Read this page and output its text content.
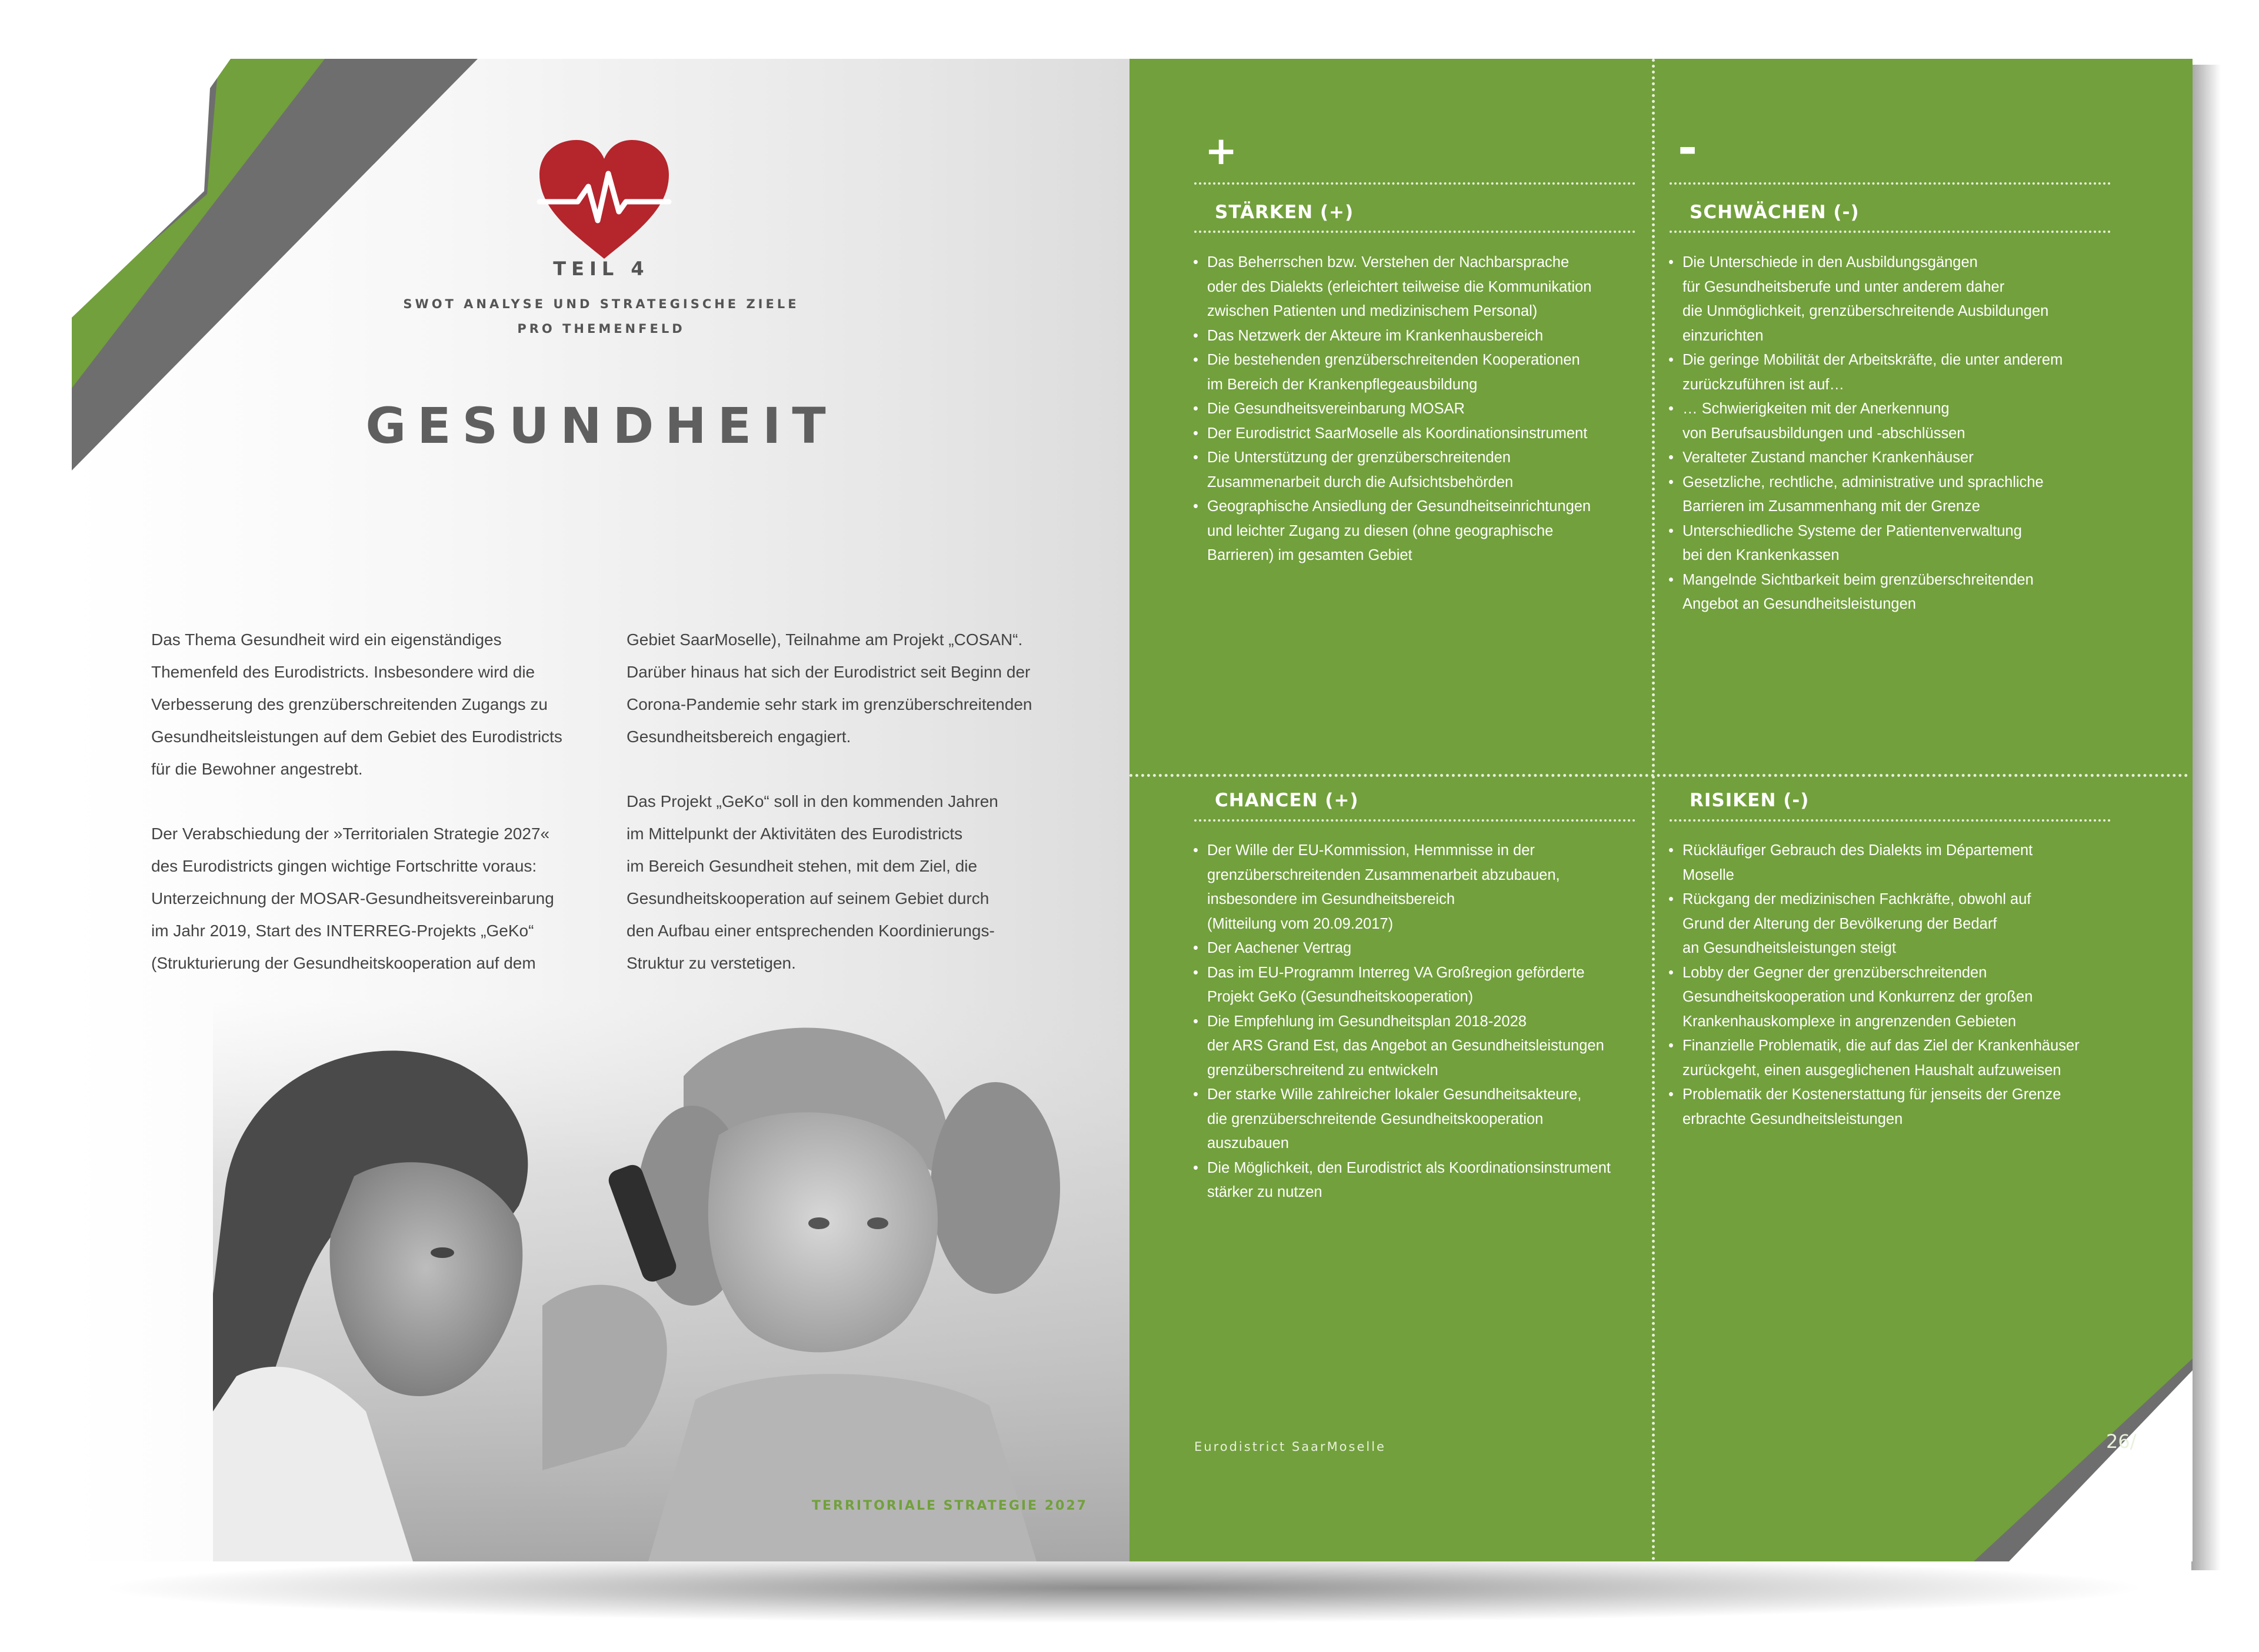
TEIL 4
SWOT ANALYSE UND STRATEGISCHE ZIELE
PRO THEMENFELD
GESUNDHEIT
Das Thema Gesundheit wird ein eigenständiges
Themenfeld des Eurodistricts. Insbesondere wird die
Verbesserung des grenzüberschreitenden Zugangs zu
Gesundheitsleistungen auf dem Gebiet des Eurodistricts
für die Bewohner angestrebt.

Der Verabschiedung der »Territorialen Strategie 2027«
des Eurodistricts gingen wichtige Fortschritte voraus:
Unterzeichnung der MOSAR-Gesundheitsvereinbarung
im Jahr 2019, Start des INTERREG-Projekts „GeKo“
(Strukturierung der Gesundheitskooperation auf dem
Gebiet SaarMoselle), Teilnahme am Projekt „COSAN“.
Darüber hinaus hat sich der Eurodistrict seit Beginn der
Corona-Pandemie sehr stark im grenzüberschreitenden
Gesundheitsbereich engagiert.

Das Projekt „GeKo“ soll in den kommenden Jahren
im Mittelpunkt der Aktivitäten des Eurodistricts
im Bereich Gesundheit stehen, mit dem Ziel, die
Gesundheitskooperation auf seinem Gebiet durch
den Aufbau einer entsprechenden Koordinierungs-
Struktur zu verstetigen.
TERRITORIALE STRATEGIE 2027
+	-
STÄRKEN (+)	SCHWÄCHEN (-)
CHANCEN (+)	RISIKEN (-)
• Das Beherrschen bzw. Verstehen der Nachbarsprache
oder des Dialekts (erleichtert teilweise die Kommunikation
zwischen Patienten und medizinischem Personal)
• Das Netzwerk der Akteure im Krankenhausbereich
• Die bestehenden grenzüberschreitenden Kooperationen
im Bereich der Krankenpflegeausbildung
• Die Gesundheitsvereinbarung MOSAR
• Der Eurodistrict SaarMoselle als Koordinationsinstrument
• Die Unterstützung der grenzüberschreitenden
Zusammenarbeit durch die Aufsichtsbehörden
• Geographische Ansiedlung der Gesundheitseinrichtungen
und leichter Zugang zu diesen (ohne geographische
Barrieren) im gesamten Gebiet
• Die Unterschiede in den Ausbildungsgängen
für Gesundheitsberufe und unter anderem daher
die Unmöglichkeit, grenzüberschreitende Ausbildungen
einzurichten
• Die geringe Mobilität der Arbeitskräfte, die unter anderem
zurückzuführen ist auf…
• … Schwierigkeiten mit der Anerkennung
von Berufsausbildungen und -abschlüssen
• Veralteter Zustand mancher Krankenhäuser
• Gesetzliche, rechtliche, administrative und sprachliche
Barrieren im Zusammenhang mit der Grenze
• Unterschiedliche Systeme der Patientenverwaltung
bei den Krankenkassen
• Mangelnde Sichtbarkeit beim grenzüberschreitenden
Angebot an Gesundheitsleistungen
• Der Wille der EU-Kommission, Hemmnisse in der
grenzüberschreitenden Zusammenarbeit abzubauen,
insbesondere im Gesundheitsbereich
(Mitteilung vom 20.09.2017)
• Der Aachener Vertrag
• Das im EU-Programm Interreg VA Großregion geförderte
Projekt GeKo (Gesundheitskooperation)
• Die Empfehlung im Gesundheitsplan 2018-2028
der ARS Grand Est, das Angebot an Gesundheitsleistungen
grenzüberschreitend zu entwickeln
• Der starke Wille zahlreicher lokaler Gesundheitsakteure,
die grenzüberschreitende Gesundheitskooperation
auszubauen
• Die Möglichkeit, den Eurodistrict als Koordinationsinstrument
stärker zu nutzen
• Rückläufiger Gebrauch des Dialekts im Département
Moselle
• Rückgang der medizinischen Fachkräfte, obwohl auf
Grund der Alterung der Bevölkerung der Bedarf
an Gesundheitsleistungen steigt
• Lobby der Gegner der grenzüberschreitenden
Gesundheitskooperation und Konkurrenz der großen
Krankenhauskomplexe in angrenzenden Gebieten
• Finanzielle Problematik, die auf das Ziel der Krankenhäuser
zurückgeht, einen ausgeglichenen Haushalt aufzuweisen
• Problematik der Kostenerstattung für jenseits der Grenze
erbrachte Gesundheitsleistungen
Eurodistrict SaarMoselle	26/27
